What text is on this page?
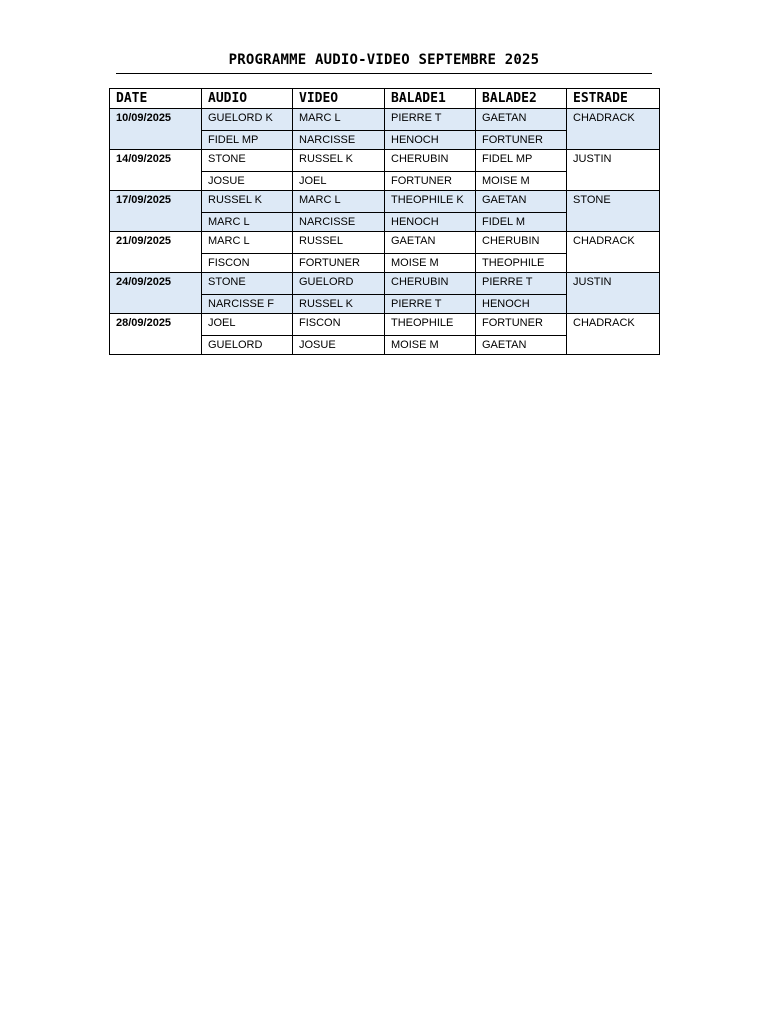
PROGRAMME AUDIO-VIDEO SEPTEMBRE 2025
DATE	AUDIO	VIDEO	BALADE1	BALADE2	ESTRADE
10/09/2025	GUELORD K	MARC L	PIERRE T	GAETAN	CHADRACK
	FIDEL MP	NARCISSE	HENOCH	FORTUNER	
14/09/2025	STONE	RUSSEL K	CHERUBIN	FIDEL MP	JUSTIN
	JOSUE	JOEL	FORTUNER	MOISE M	
17/09/2025	RUSSEL K	MARC L	THEOPHILE K	GAETAN	STONE
	MARC L	NARCISSE	HENOCH	FIDEL M	
21/09/2025	MARC L	RUSSEL	GAETAN	CHERUBIN	CHADRACK
	FISCON	FORTUNER	MOISE M	THEOPHILE	
24/09/2025	STONE	GUELORD	CHERUBIN	PIERRE T	JUSTIN
	NARCISSE F	RUSSEL K	PIERRE T	HENOCH	
28/09/2025	JOEL	FISCON	THEOPHILE	FORTUNER	CHADRACK
	GUELORD	JOSUE	MOISE M	GAETAN	
